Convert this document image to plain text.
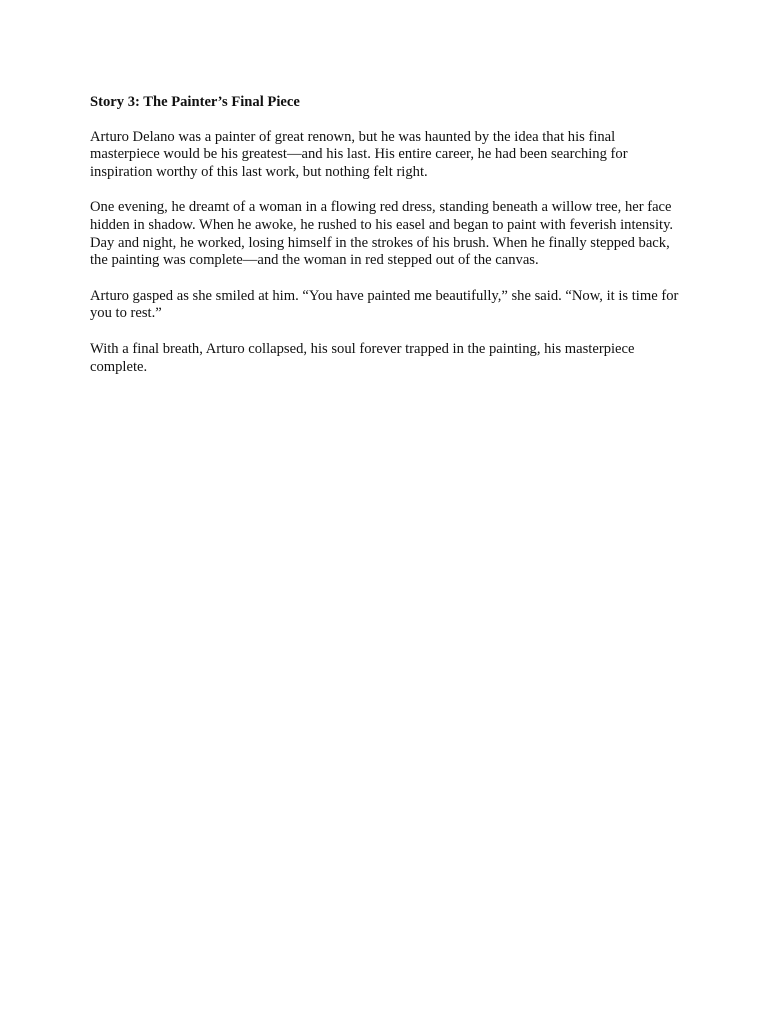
Story 3: The Painter’s Final Piece

Arturo Delano was a painter of great renown, but he was haunted by the idea that his final masterpiece would be his greatest—and his last. His entire career, he had been searching for inspiration worthy of this last work, but nothing felt right.

One evening, he dreamt of a woman in a flowing red dress, standing beneath a willow tree, her face hidden in shadow. When he awoke, he rushed to his easel and began to paint with feverish intensity. Day and night, he worked, losing himself in the strokes of his brush. When he finally stepped back, the painting was complete—and the woman in red stepped out of the canvas.

Arturo gasped as she smiled at him. “You have painted me beautifully,” she said. “Now, it is time for you to rest.”

With a final breath, Arturo collapsed, his soul forever trapped in the painting, his masterpiece complete.
